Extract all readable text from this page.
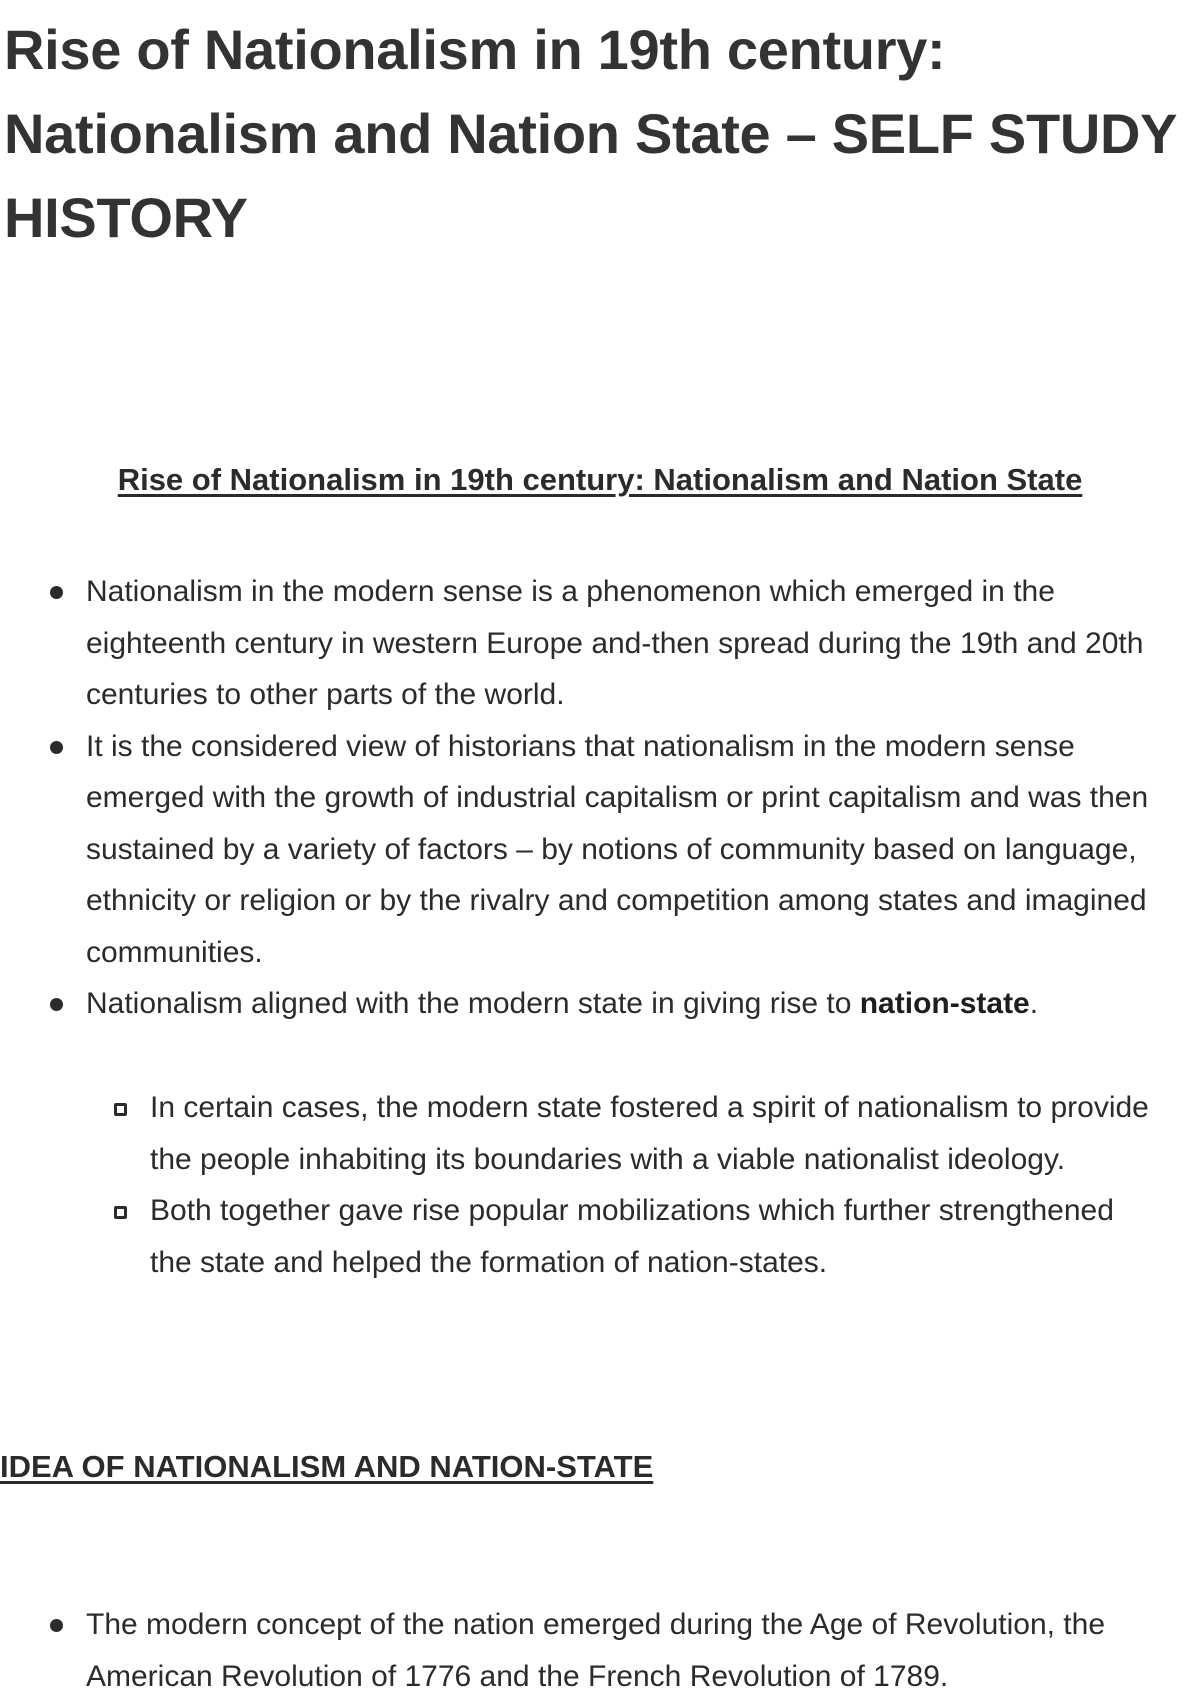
Rise of Nationalism in 19th century: Nationalism and Nation State – SELF STUDY HISTORY
Rise of Nationalism in 19th century: Nationalism and Nation State
Nationalism in the modern sense is a phenomenon which emerged in the eighteenth century in western Europe and-then spread during the 19th and 20th centuries to other parts of the world.
It is the considered view of historians that nationalism in the modern sense emerged with the growth of industrial capitalism or print capitalism and was then sustained by a variety of factors – by notions of community based on language, ethnicity or religion or by the rivalry and competition among states and imagined communities.
Nationalism aligned with the modern state in giving rise to nation-state.
In certain cases, the modern state fostered a spirit of nationalism to provide the people inhabiting its boundaries with a viable nationalist ideology.
Both together gave rise popular mobilizations which further strengthened the state and helped the formation of nation-states.
IDEA OF NATIONALISM AND NATION-STATE
The modern concept of the nation emerged during the Age of Revolution, the American Revolution of 1776 and the French Revolution of 1789.
